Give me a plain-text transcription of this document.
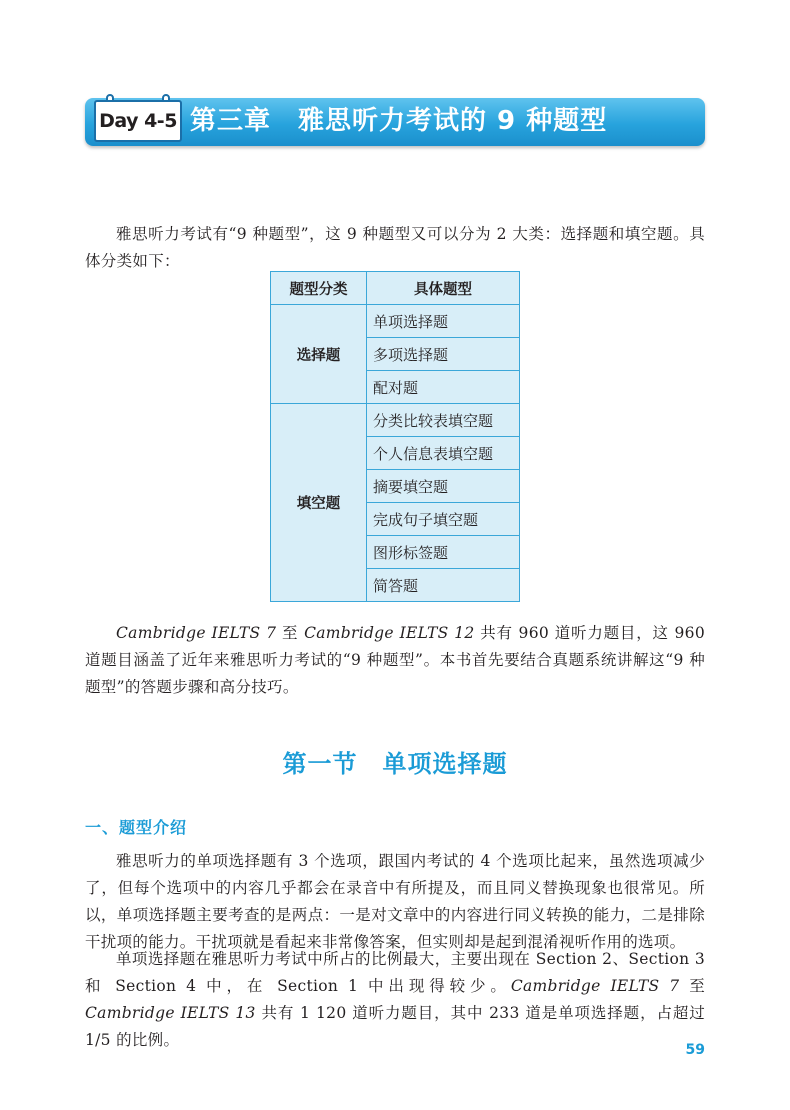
Day 4-5 第三章　雅思听力考试的 9 种题型

雅思听力考试有“9 种题型”，这 9 种题型又可以分为 2 大类：选择题和填空题。具体分类如下：

题型分类	具体题型
选择题	单项选择题
	多项选择题
	配对题
填空题	分类比较表填空题
	个人信息表填空题
	摘要填空题
	完成句子填空题
	图形标签题
	简答题

Cambridge IELTS 7 至 Cambridge IELTS 12 共有 960 道听力题目，这 960 道题目涵盖了近年来雅思听力考试的“9 种题型”。本书首先要结合真题系统讲解这“9 种题型”的答题步骤和高分技巧。

第一节　单项选择题
一、题型介绍

雅思听力的单项选择题有 3 个选项，跟国内考试的 4 个选项比起来，虽然选项减少了，但每个选项中的内容几乎都会在录音中有所提及，而且同义替换现象也很常见。所以，单项选择题主要考查的是两点：一是对文章中的内容进行同义转换的能力，二是排除干扰项的能力。干扰项就是看起来非常像答案，但实则却是起到混淆视听作用的选项。

单项选择题在雅思听力考试中所占的比例最大，主要出现在 Section 2、Section 3 和 Section 4 中，在 Section 1 中出现得较少。Cambridge IELTS 7 至 Cambridge IELTS 13 共有 1 120 道听力题目，其中 233 道是单项选择题，占超过 1/5 的比例。

59
